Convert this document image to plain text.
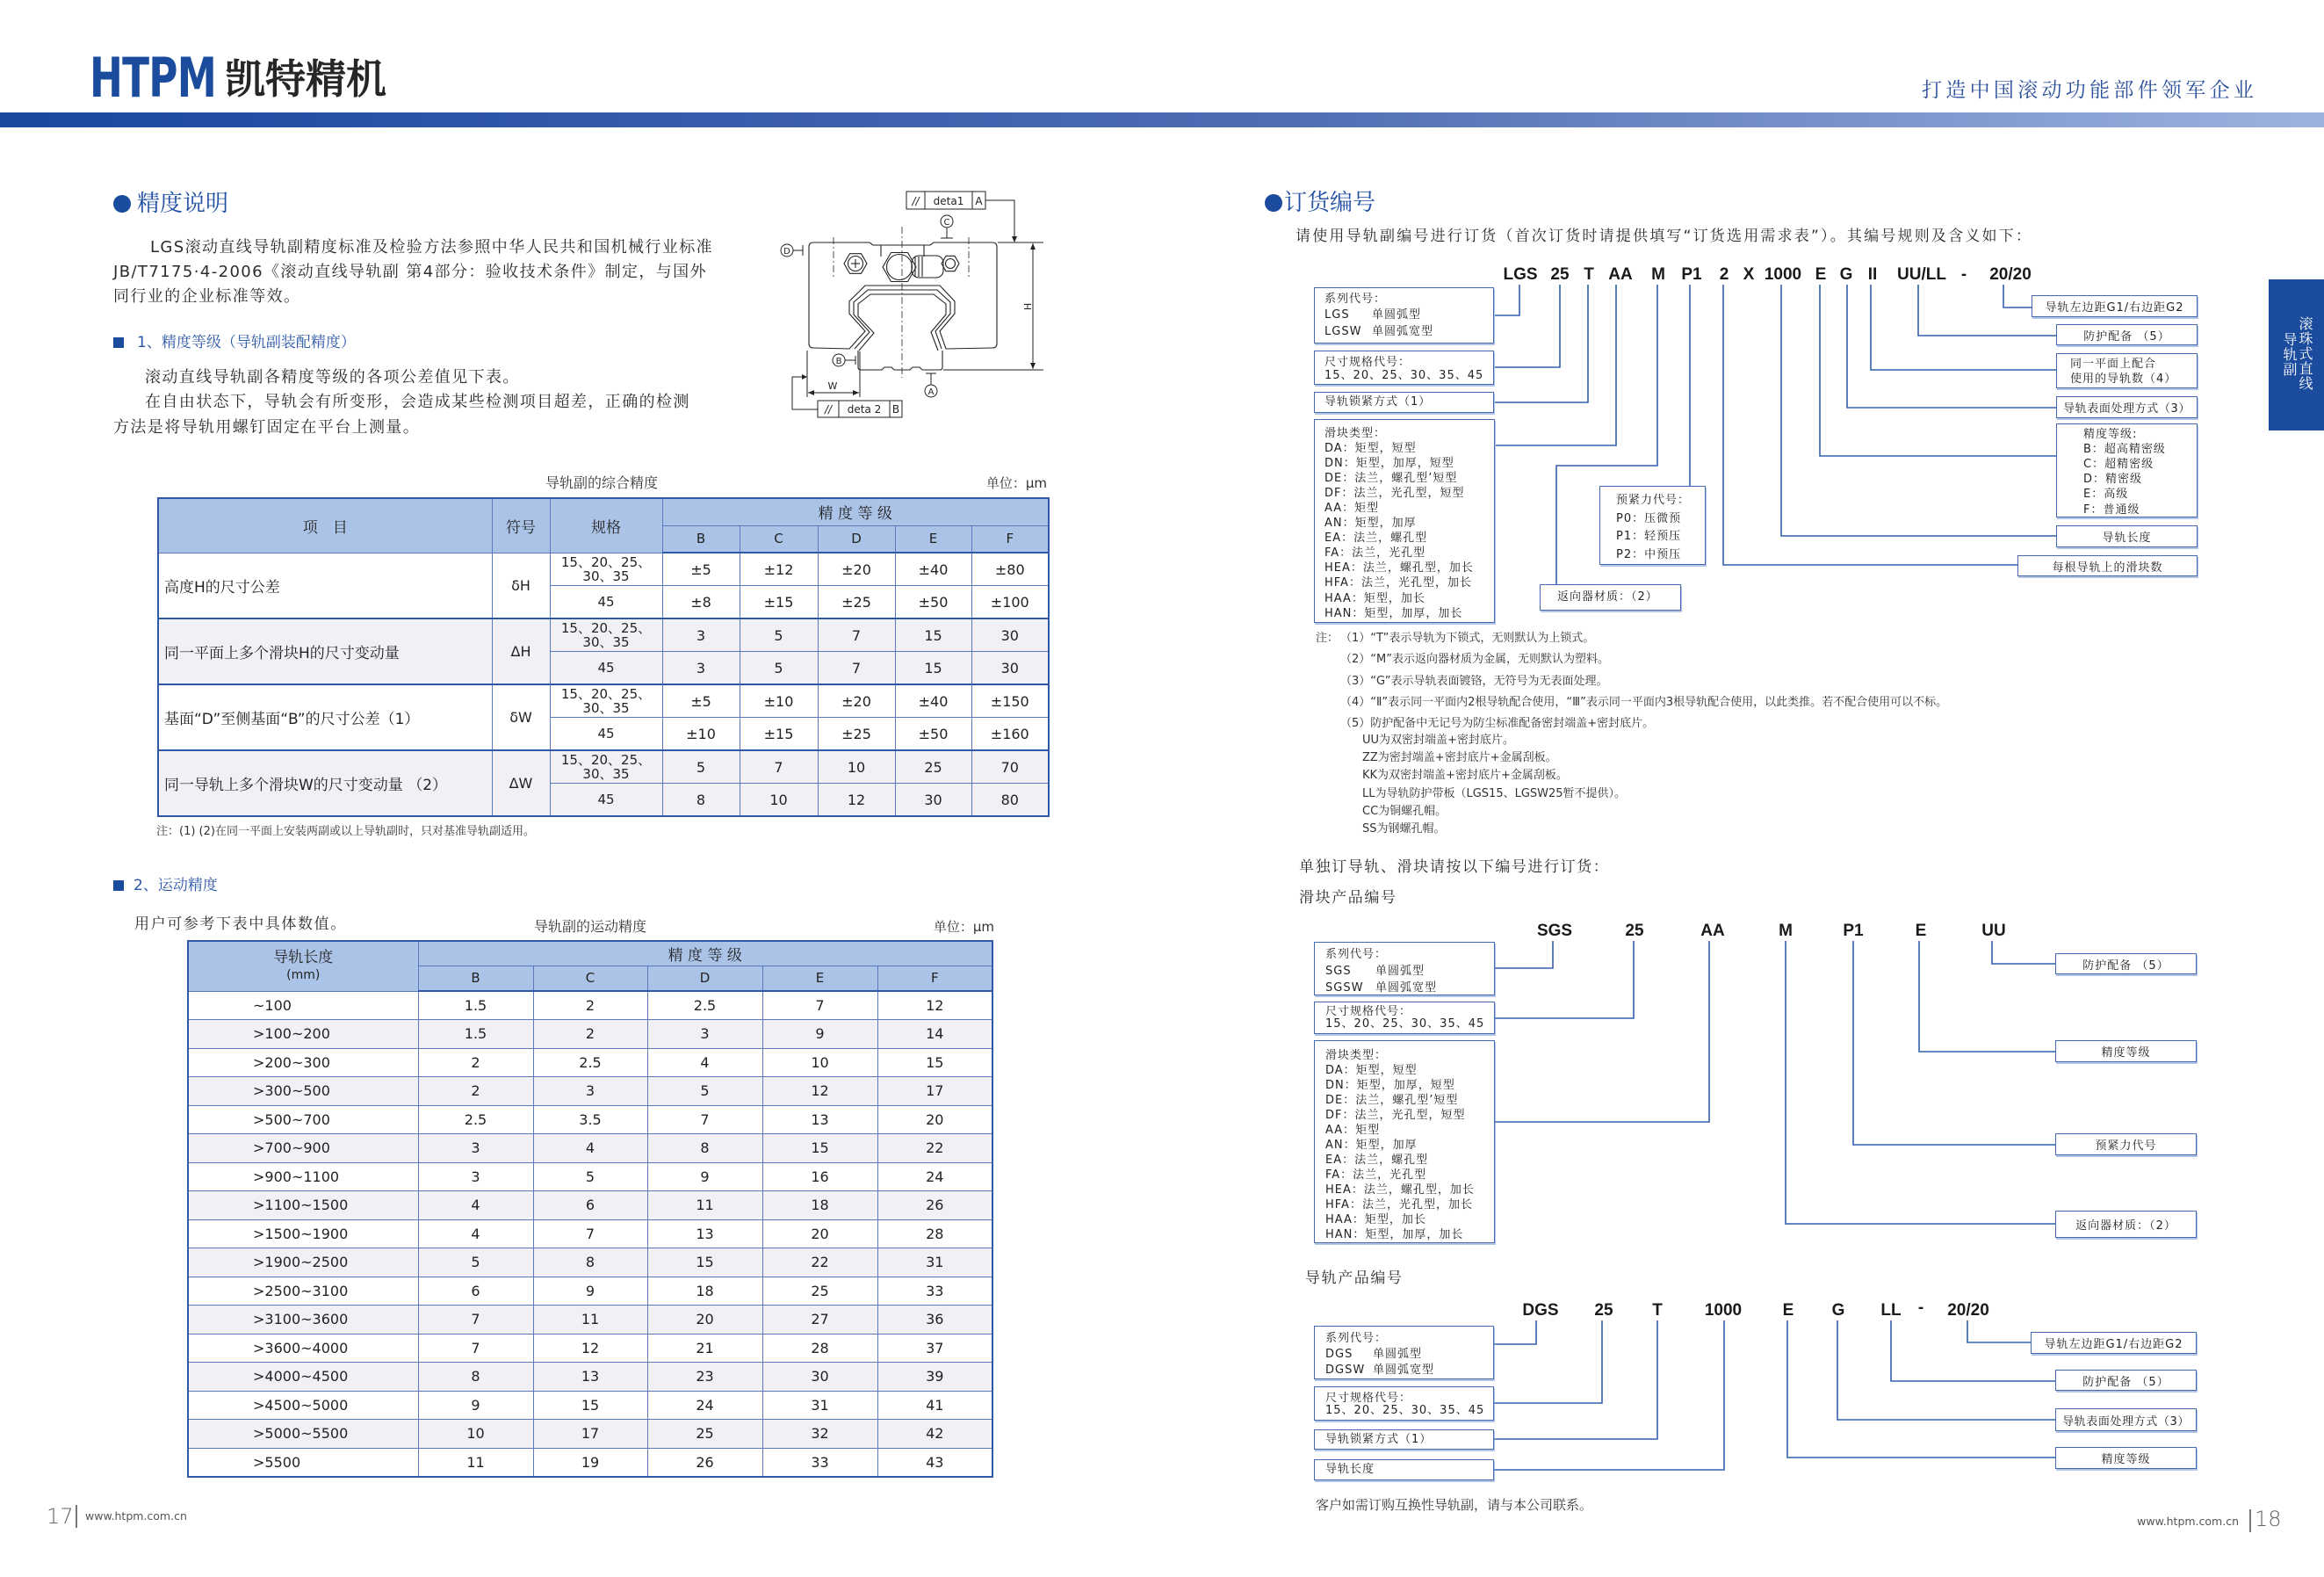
HTPM 凯特精机	打造中国滚动功能部件领军企业
滚珠式直线
导轨副
精度说明
LGS滚动直线导轨副精度标准及检验方法参照中华人民共和国机械行业标准
JB/T7175·4-2006《滚动直线导轨副 第4部分：验收技术条件》制定，与国外
同行业的企业标准等效。
1、精度等级（导轨副装配精度）
滚动直线导轨副各精度等级的各项公差值见下表。
在自由状态下，导轨会有所变形，会造成某些检测项目超差，正确的检测
方法是将导轨用螺钉固定在平台上测量。
// deta1 A
C
D
B
A
H
W
// deta 2 B
导轨副的综合精度	单位：μm
项　目	符号	规格	精 度 等 级				
			B	C	D	E	F
高度H的尺寸公差	δH	15、20、25、
30、35	±5	±12	±20	±40	±80
		45	±8	±15	±25	±50	±100
同一平面上多个滑块H的尺寸变动量	ΔH	15、20、25、
30、35	3	5	7	15	30
		45	3	5	7	15	30
基面“D”至侧基面“B”的尺寸公差（1）	δW	15、20、25、
30、35	±5	±10	±20	±40	±150
		45	±10	±15	±25	±50	±160
同一导轨上多个滑块W的尺寸变动量 （2）	ΔW	15、20、25、
30、35	5	7	10	25	70
		45	8	10	12	30	80
注：(1) (2)在同一平面上安装两副或以上导轨副时，只对基准导轨副适用。
2、运动精度
用户可参考下表中具体数值。	导轨副的运动精度	单位：μm
导轨长度
(mm)	精 度 等 级				
	B	C	D	E	F
~100	1.5	2	2.5	7	12
>100~200	1.5	2	3	9	14
>200~300	2	2.5	4	10	15
>300~500	2	3	5	12	17
>500~700	2.5	3.5	7	13	20
>700~900	3	4	8	15	22
>900~1100	3	5	9	16	24
>1100~1500	4	6	11	18	26
>1500~1900	4	7	13	20	28
>1900~2500	5	8	15	22	31
>2500~3100	6	9	18	25	33
>3100~3600	7	11	20	27	36
>3600~4000	7	12	21	28	37
>4000~4500	8	13	23	30	39
>4500~5000	9	15	24	31	41
>5000~5500	10	17	25	32	42
>5500	11	19	26	33	43
17 www.htpm.com.cn
订货编号
请使用导轨副编号进行订货（首次订货时请提供填写“订货选用需求表”）。其编号规则及含义如下：
LGS 25 T AA M P1 2 X 1000 E G II UU/LL - 20/20
系列代号：
LGS	单圆弧型
LGSW 单圆弧宽型
尺寸规格代号：
15、20、25、30、35、45
导轨锁紧方式（1）
滑块类型：
DA：矩型，短型
DN：矩型，加厚，短型
DE：法兰，螺孔型’短型
DF：法兰，光孔型，短型
AA：矩型
AN：矩型，加厚
EA：法兰，螺孔型
FA：法兰，光孔型
HEA：法兰，螺孔型，加长
HFA：法兰，光孔型，加长
HAA：矩型，加长
HAN：矩型，加厚，加长
预紧力代号：
P0：压微预
P1：轻预压
P2：中预压
返向器材质：（2）
导轨左边距G1/右边距G2
防护配备 （5）
同一平面上配合
使用的导轨数（4）
导轨表面处理方式（3）
精度等级:
B：超高精密级
C：超精密级
D：精密级
E：高级
F：普通级
导轨长度
每根导轨上的滑块数
注： （1）“T”表示导轨为下锁式，无则默认为上锁式。
（2）“M”表示返向器材质为金属，无则默认为塑料。
（3）“G”表示导轨表面镀铬，无符号为无表面处理。
（4）“Ⅱ”表示同一平面内2根导轨配合使用，“Ⅲ”表示同一平面内3根导轨配合使用，以此类推。若不配合使用可以不标。
（5）防护配备中无记号为防尘标准配备密封端盖+密封底片。
UU为双密封端盖+密封底片。
ZZ为密封端盖+密封底片+金属刮板。
KK为双密封端盖+密封底片+金属刮板。
LL为导轨防护带板（LGS15、LGSW25暂不提供）。
CC为铜螺孔帽。
SS为钢螺孔帽。
单独订导轨、滑块请按以下编号进行订货：
滑块产品编号
SGS	25	AA	M	P1	E	UU
系列代号：
SGS	单圆弧型
SGSW	单圆弧宽型
尺寸规格代号：
15、20、25、30、35、45
滑块类型：
DA：矩型，短型
DN：矩型，加厚，短型
DE：法兰，螺孔型’短型
DF：法兰，光孔型，短型
AA：矩型
AN：矩型，加厚
EA：法兰，螺孔型
FA：法兰，光孔型
HEA：法兰，螺孔型，加长
HFA：法兰，光孔型，加长
HAA：矩型，加长
HAN：矩型，加厚，加长
防护配备 （5）
精度等级
预紧力代号
返向器材质：（2）
导轨产品编号
DGS 25 T	1000 E G LL - 20/20
系列代号：
DGS	单圆弧型
DGSW 单圆弧宽型
尺寸规格代号：
15、20、25、30、35、45
导轨锁紧方式（1）
导轨长度
导轨左边距G1/右边距G2
防护配备 （5）
导轨表面处理方式（3）
精度等级
客户如需订购互换性导轨副，请与本公司联系。
www.htpm.com.cn 18
